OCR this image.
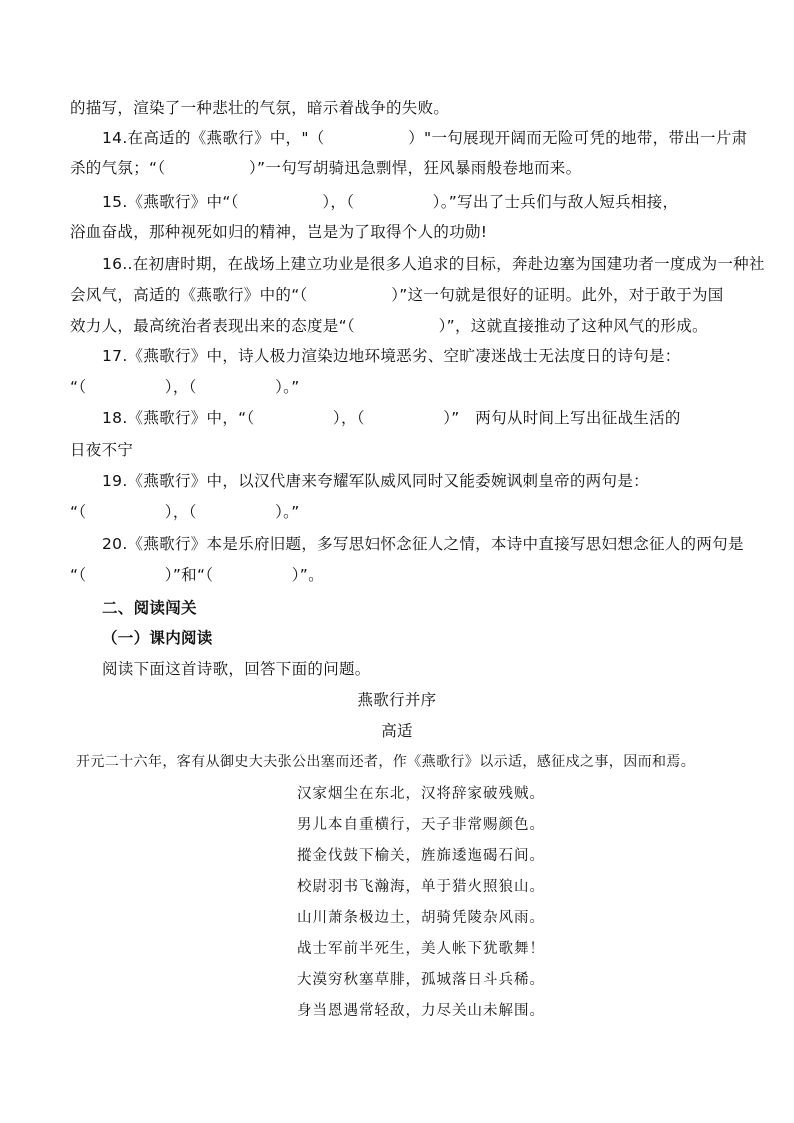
的描写，渲染了一种悲壮的气氛，暗示着战争的失败。
14.在高适的《燕歌行》中，"（                ）"一句展现开阔而无险可凭的地带，带出一片肃
杀的气氛；“（                ）”一句写胡骑迅急剽悍，狂风暴雨般卷地而来。
15.《燕歌行》中“（                ），（               ）。”写出了士兵们与敌人短兵相接，
浴血奋战，那种视死如归的精神，岂是为了取得个人的功勋!
16..在初唐时期，在战场上建立功业是很多人追求的目标，奔赴边塞为国建功者一度成为一种社
会风气，高适的《燕歌行》中的“（                ）”这一句就是很好的证明。此外，对于敢于为国
效力人，最高统治者表现出来的态度是“（                ）”，这就直接推动了这种风气的形成。
17.《燕歌行》中，诗人极力渲染边地环境恶劣、空旷凄迷战士无法度日的诗句是：
“（               ），（               ）。”
18.《燕歌行》中，“（               ），（               ）”   两句从时间上写出征战生活的
日夜不宁
19.《燕歌行》中，以汉代唐来夸耀军队威风同时又能委婉讽刺皇帝的两句是：
“（               ），（               ）。”
20.《燕歌行》本是乐府旧题，多写思妇怀念征人之情，本诗中直接写思妇想念征人的两句是
“（               ）”和“（               ）”。
二、阅读闯关
（一）课内阅读
阅读下面这首诗歌，回答下面的问题。
燕歌行并序
高适
开元二十六年，客有从御史大夫张公出塞而还者，作《燕歌行》以示适，感征戍之事，因而和焉。
汉家烟尘在东北，汉将辞家破残贼。
男儿本自重横行，天子非常赐颜色。
摐金伐鼓下榆关，旌旆逶迤碣石间。
校尉羽书飞瀚海，单于猎火照狼山。
山川萧条极边土，胡骑凭陵杂风雨。
战士军前半死生，美人帐下犹歌舞！
大漠穷秋塞草腓，孤城落日斗兵稀。
身当恩遇常轻敌，力尽关山未解围。
